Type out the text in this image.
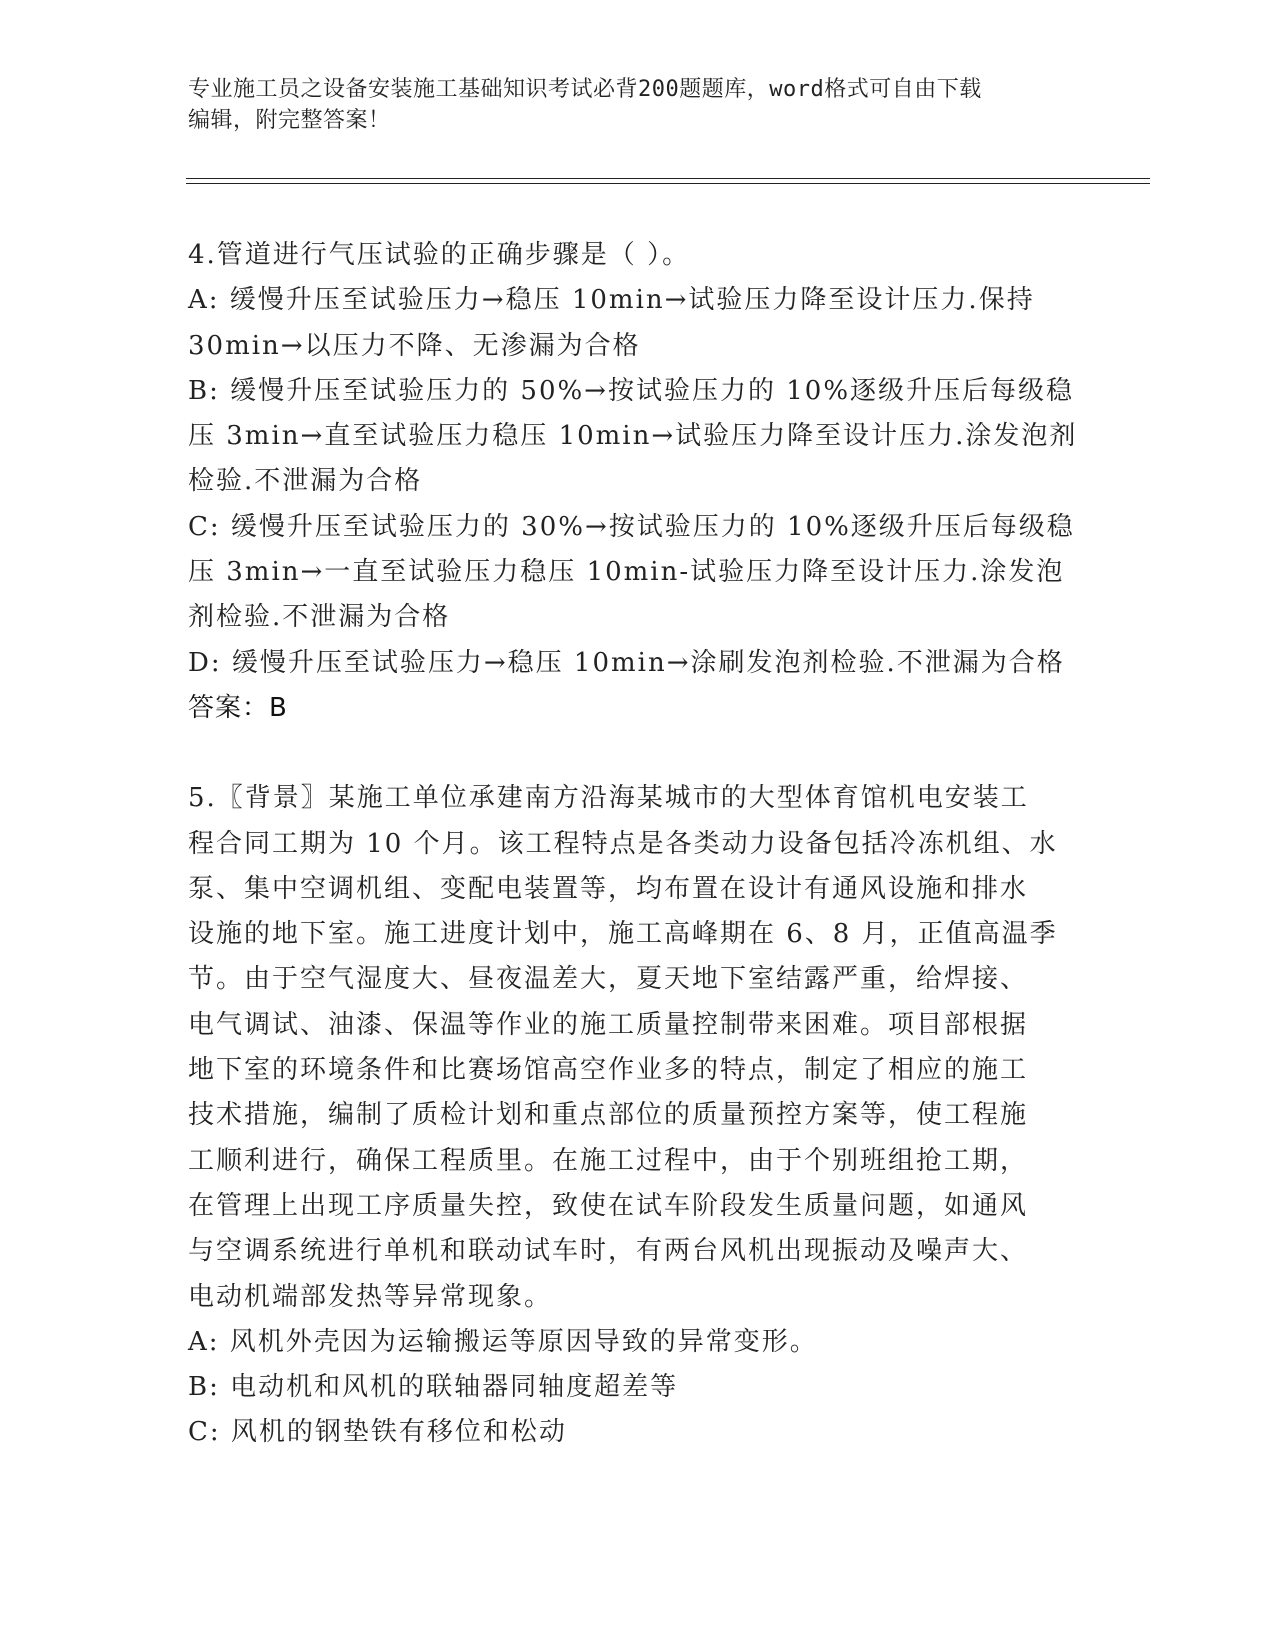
专业施工员之设备安装施工基础知识考试必背200题题库，word格式可自由下载
编辑，附完整答案！
4.管道进行气压试验的正确步骤是（ ）。
A: 缓慢升压至试验压力→稳压 10min→试验压力降至设计压力.保持
30min→以压力不降、无渗漏为合格
B: 缓慢升压至试验压力的 50%→按试验压力的 10%逐级升压后每级稳
压 3min→直至试验压力稳压 10min→试验压力降至设计压力.涂发泡剂
检验.不泄漏为合格
C: 缓慢升压至试验压力的 30%→按试验压力的 10%逐级升压后每级稳
压 3min→一直至试验压力稳压 10min-试验压力降至设计压力.涂发泡
剂检验.不泄漏为合格
D: 缓慢升压至试验压力→稳压 10min→涂刷发泡剂检验.不泄漏为合格
答案：B
5.〖背景〗某施工单位承建南方沿海某城市的大型体育馆机电安装工
程合同工期为 10 个月。该工程特点是各类动力设备包括冷冻机组、水
泵、集中空调机组、变配电装置等，均布置在设计有通风设施和排水
设施的地下室。施工进度计划中，施工高峰期在 6、8 月，正值高温季
节。由于空气湿度大、昼夜温差大，夏天地下室结露严重，给焊接、
电气调试、油漆、保温等作业的施工质量控制带来困难。项目部根据
地下室的环境条件和比赛场馆高空作业多的特点，制定了相应的施工
技术措施，编制了质检计划和重点部位的质量预控方案等，使工程施
工顺利进行，确保工程质里。在施工过程中，由于个别班组抢工期，
在管理上出现工序质量失控，致使在试车阶段发生质量问题，如通风
与空调系统进行单机和联动试车时，有两台风机出现振动及噪声大、
电动机端部发热等异常现象。
A: 风机外壳因为运输搬运等原因导致的异常变形。
B: 电动机和风机的联轴器同轴度超差等
C: 风机的钢垫铁有移位和松动
